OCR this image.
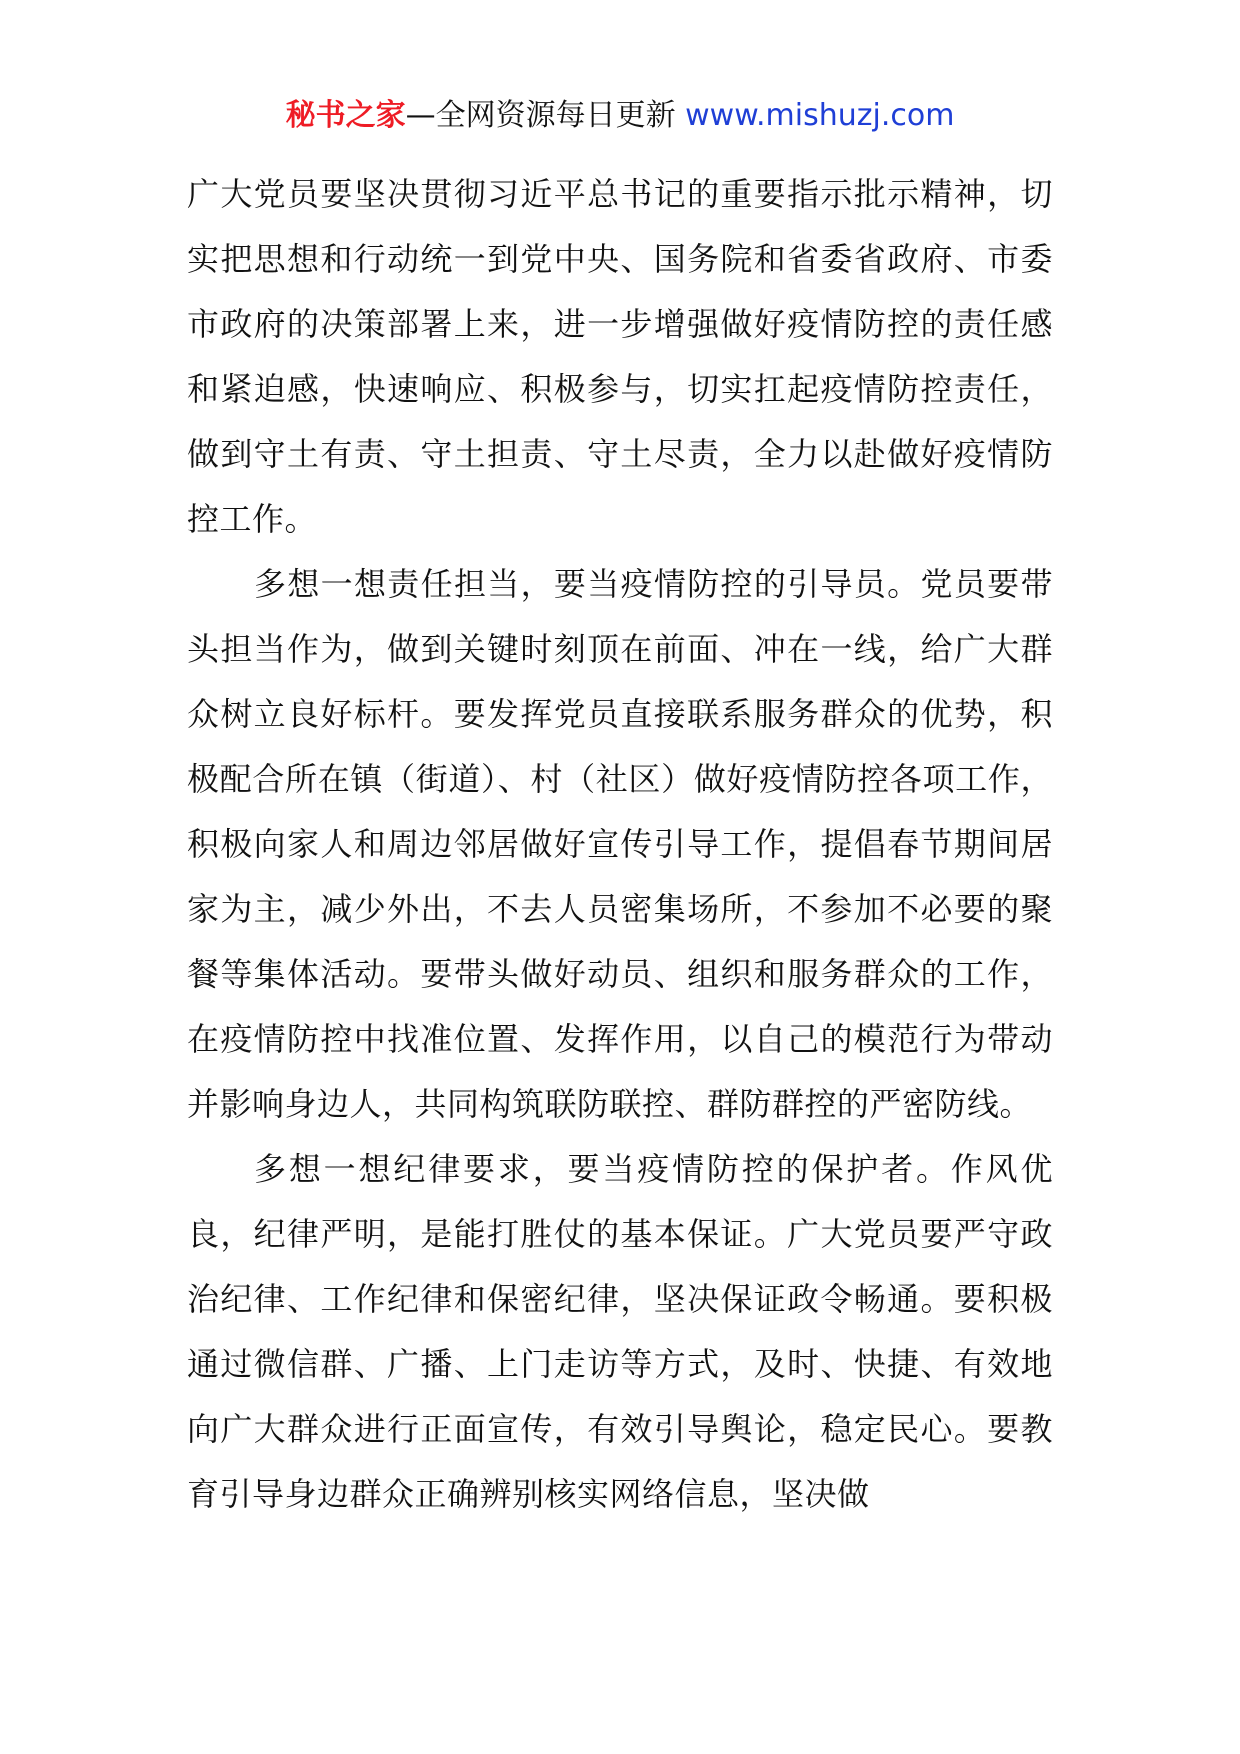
秘书之家—全网资源每日更新 www.mishuzj.com

广大党员要坚决贯彻习近平总书记的重要指示批示精神，切实把思想和行动统一到党中央、国务院和省委省政府、市委市政府的决策部署上来，进一步增强做好疫情防控的责任感和紧迫感，快速响应、积极参与，切实扛起疫情防控责任，做到守土有责、守土担责、守土尽责，全力以赴做好疫情防控工作。

多想一想责任担当，要当疫情防控的引导员。党员要带头担当作为，做到关键时刻顶在前面、冲在一线，给广大群众树立良好标杆。要发挥党员直接联系服务群众的优势，积极配合所在镇（街道）、村（社区）做好疫情防控各项工作，积极向家人和周边邻居做好宣传引导工作，提倡春节期间居家为主，减少外出，不去人员密集场所，不参加不必要的聚餐等集体活动。要带头做好动员、组织和服务群众的工作，在疫情防控中找准位置、发挥作用，以自己的模范行为带动并影响身边人，共同构筑联防联控、群防群控的严密防线。

多想一想纪律要求，要当疫情防控的保护者。作风优良，纪律严明，是能打胜仗的基本保证。广大党员要严守政治纪律、工作纪律和保密纪律，坚决保证政令畅通。要积极通过微信群、广播、上门走访等方式，及时、快捷、有效地向广大群众进行正面宣传，有效引导舆论，稳定民心。要教育引导身边群众正确辨别核实网络信息，坚决做
